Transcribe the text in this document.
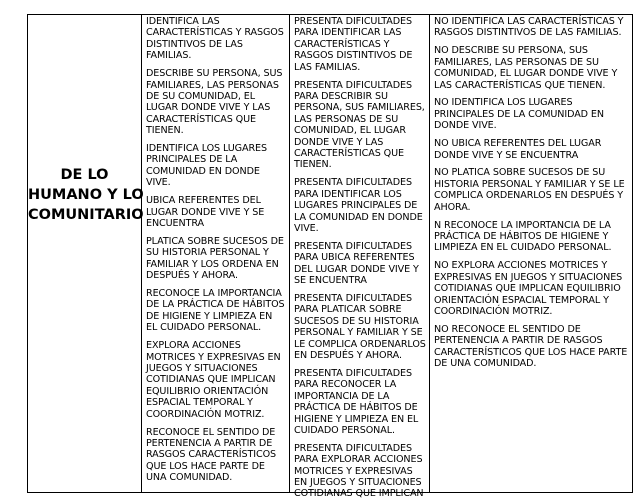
DE LO
HUMANO Y LO
COMUNITARIO

IDENTIFICA LAS CARACTERÍSTICAS Y RASGOS DISTINTIVOS DE LAS FAMILIAS.

DESCRIBE SU PERSONA, SUS FAMILIARES, LAS PERSONAS DE SU COMUNIDAD, EL LUGAR DONDE VIVE Y LAS CARACTERÍSTICAS QUE TIENEN.

IDENTIFICA LOS LUGARES PRINCIPALES DE LA COMUNIDAD EN DONDE VIVE.

UBICA REFERENTES DEL LUGAR DONDE VIVE Y SE ENCUENTRA

PLATICA SOBRE SUCESOS DE SU HISTORIA PERSONAL Y FAMILIAR Y LOS ORDENA EN DESPUÉS Y AHORA.

RECONOCE LA IMPORTANCIA DE LA PRÁCTICA DE HÁBITOS DE HIGIENE Y LIMPIEZA EN EL CUIDADO PERSONAL.

EXPLORA ACCIONES MOTRICES Y EXPRESIVAS EN JUEGOS Y SITUACIONES COTIDIANAS QUE IMPLICAN EQUILIBRIO ORIENTACIÓN ESPACIAL TEMPORAL Y COORDINACIÓN MOTRIZ.

RECONOCE EL SENTIDO DE PERTENENCIA A PARTIR DE RASGOS CARACTERÍSTICOS QUE LOS HACE PARTE DE UNA COMUNIDAD.

PRESENTA DIFICULTADES PARA IDENTIFICAR LAS CARACTERÍSTICAS Y RASGOS DISTINTIVOS DE LAS FAMILIAS.

PRESENTA DIFICULTADES PARA DESCRIBIR SU PERSONA, SUS FAMILIARES, LAS PERSONAS DE SU COMUNIDAD, EL LUGAR DONDE VIVE Y LAS CARACTERÍSTICAS QUE TIENEN.

PRESENTA DIFICULTADES PARA IDENTIFICAR LOS LUGARES PRINCIPALES DE LA COMUNIDAD EN DONDE VIVE.

PRESENTA DIFICULTADES PARA UBICA REFERENTES DEL LUGAR DONDE VIVE Y SE ENCUENTRA

PRESENTA DIFICULTADES PARA PLATICAR SOBRE SUCESOS DE SU HISTORIA PERSONAL Y FAMILIAR Y SE LE COMPLICA ORDENARLOS EN DESPUÉS Y AHORA.

PRESENTA DIFICULTADES PARA RECONOCER LA IMPORTANCIA DE LA PRÁCTICA DE HÁBITOS DE HIGIENE Y LIMPIEZA EN EL CUIDADO PERSONAL.

PRESENTA DIFICULTADES PARA EXPLORAR ACCIONES MOTRICES Y EXPRESIVAS EN JUEGOS Y SITUACIONES COTIDIANAS QUE IMPLICAN

NO IDENTIFICA LAS CARACTERÍSTICAS Y RASGOS DISTINTIVOS DE LAS FAMILIAS.

NO DESCRIBE SU PERSONA, SUS FAMILIARES, LAS PERSONAS DE SU COMUNIDAD, EL LUGAR DONDE VIVE Y LAS CARACTERÍSTICAS QUE TIENEN.

NO IDENTIFICA LOS LUGARES PRINCIPALES DE LA COMUNIDAD EN DONDE VIVE.

NO UBICA REFERENTES DEL LUGAR DONDE VIVE Y SE ENCUENTRA

NO PLATICA SOBRE SUCESOS DE SU HISTORIA PERSONAL Y FAMILIAR Y SE LE COMPLICA ORDENARLOS EN DESPUÉS Y AHORA.

N RECONOCE LA IMPORTANCIA DE LA PRÁCTICA DE HÁBITOS DE HIGIENE Y LIMPIEZA EN EL CUIDADO PERSONAL.

NO EXPLORA ACCIONES MOTRICES Y EXPRESIVAS EN JUEGOS Y SITUACIONES COTIDIANAS QUE IMPLICAN EQUILIBRIO ORIENTACIÓN ESPACIAL TEMPORAL Y COORDINACIÓN MOTRIZ.

NO RECONOCE EL SENTIDO DE PERTENENCIA A PARTIR DE RASGOS CARACTERÍSTICOS QUE LOS HACE PARTE DE UNA COMUNIDAD.
